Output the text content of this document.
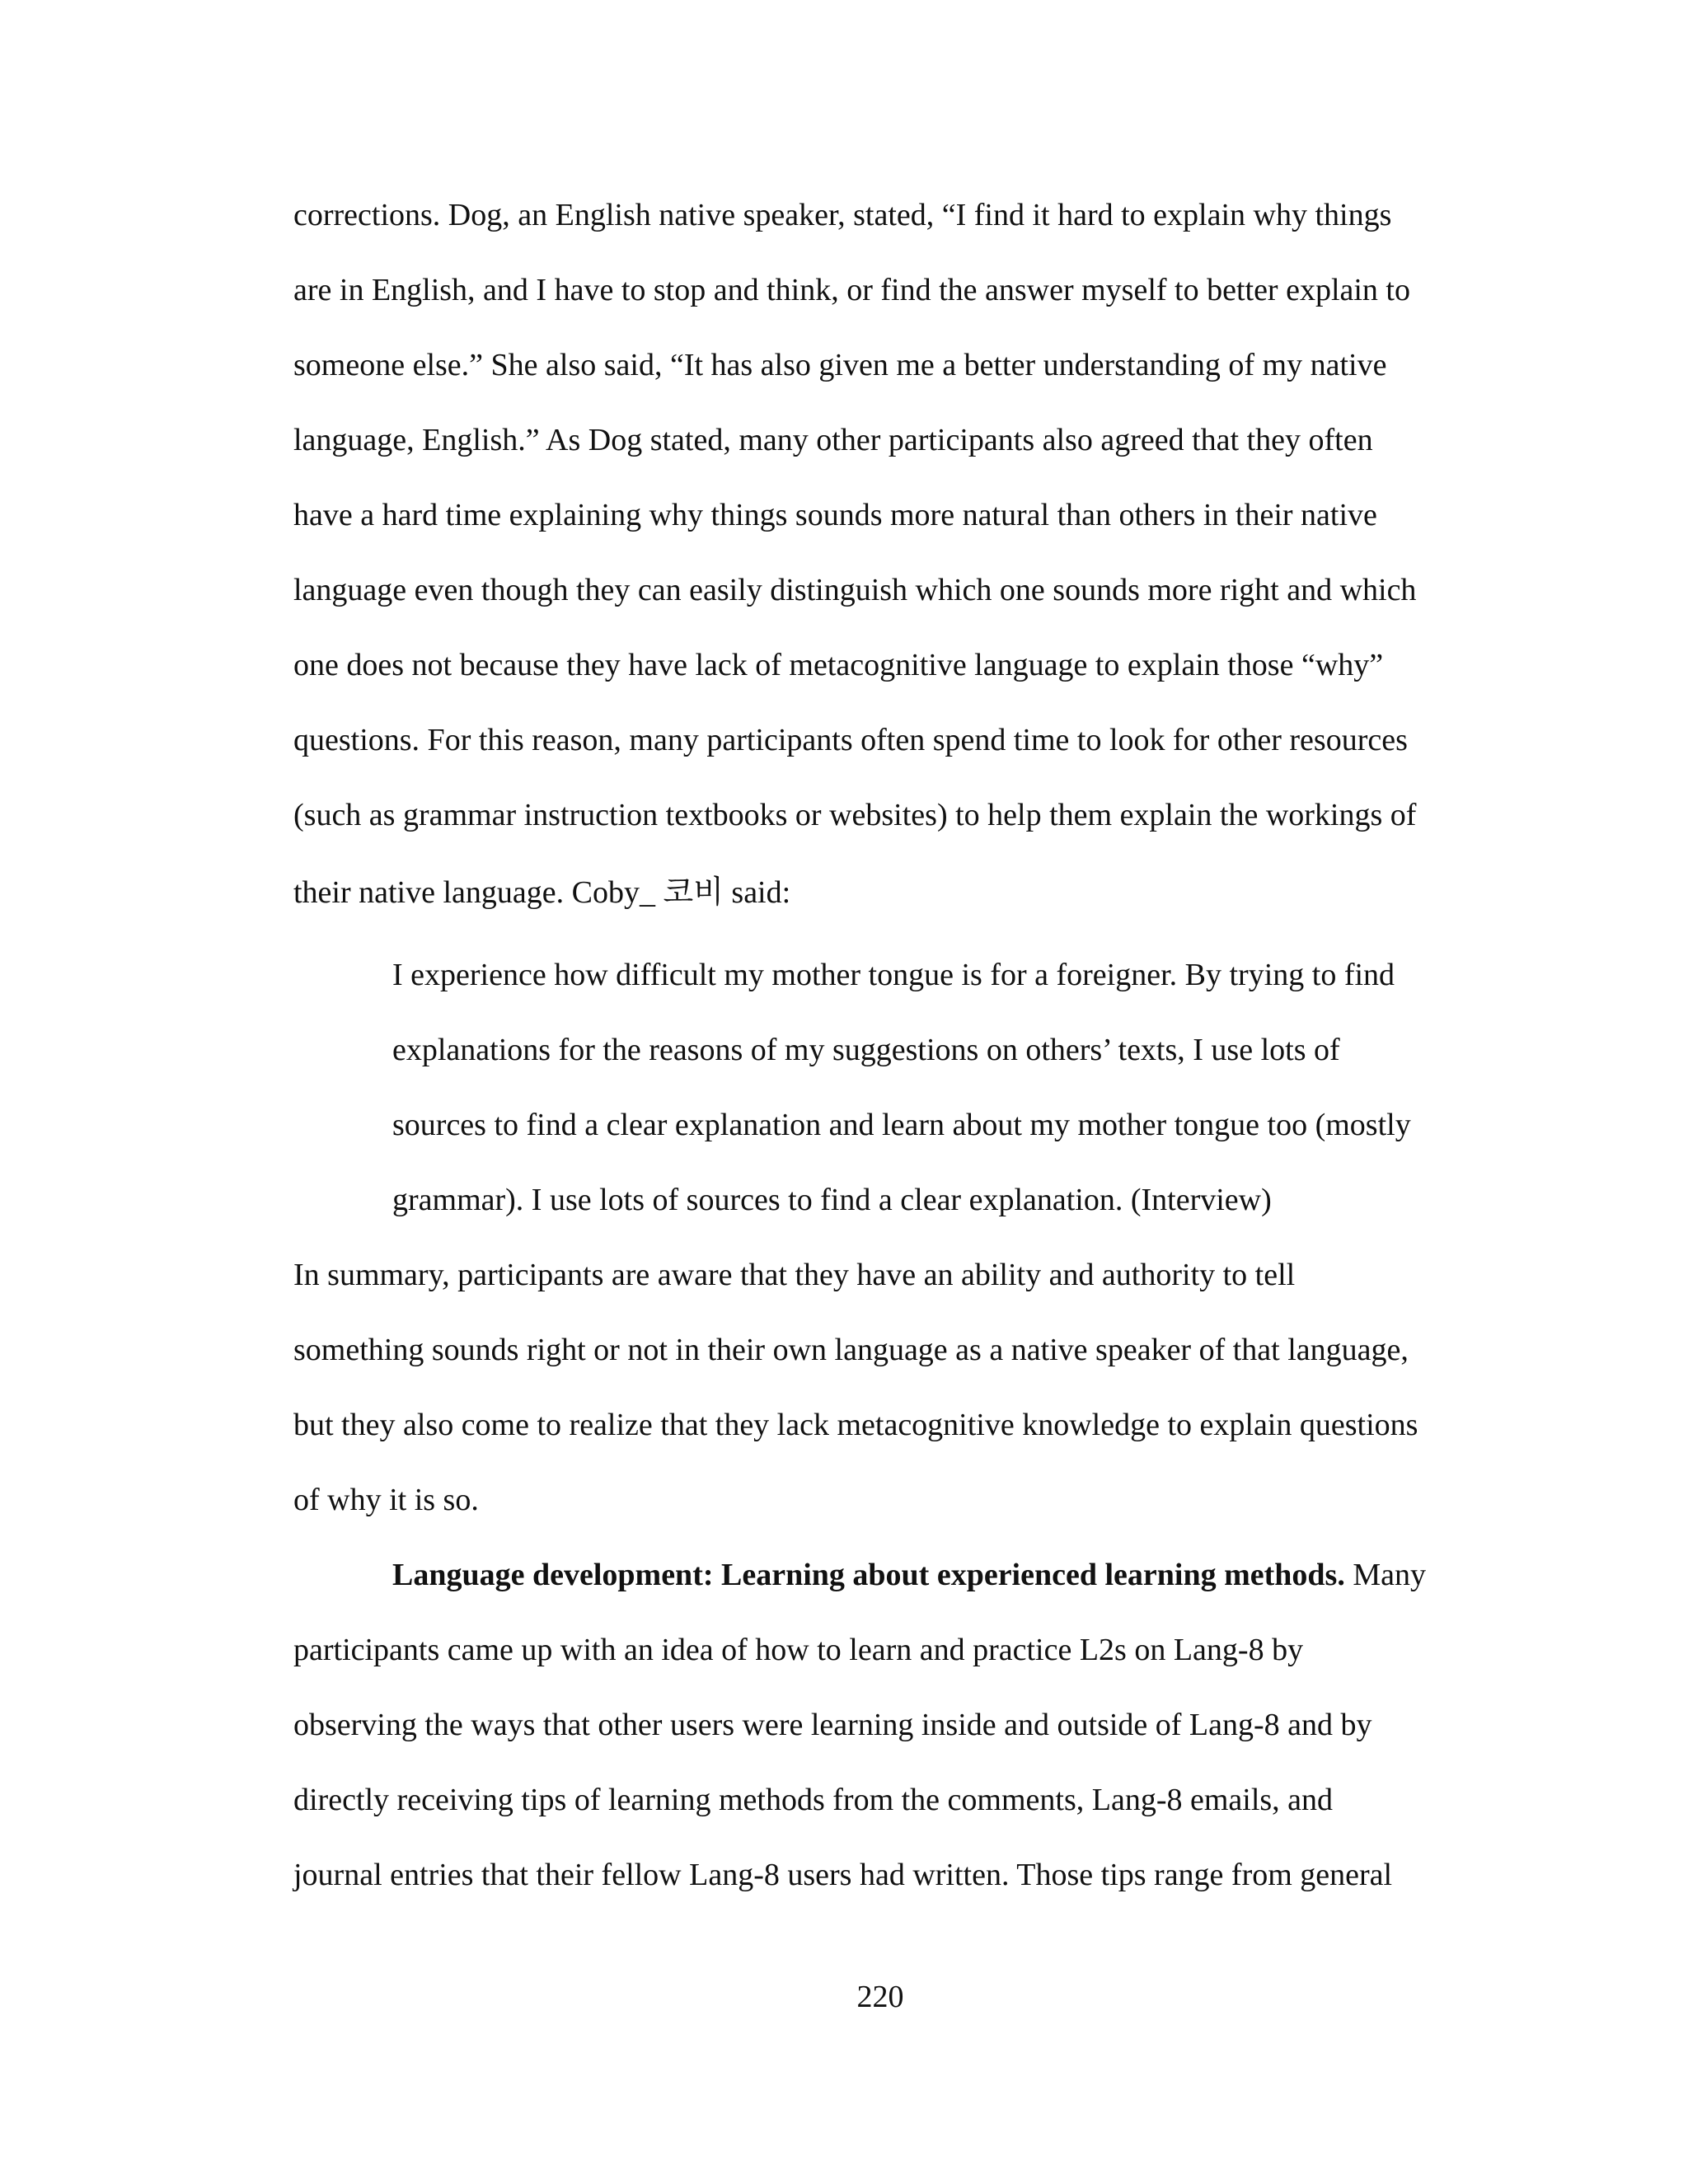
corrections. Dog, an English native speaker, stated, “I find it hard to explain why things

are in English, and I have to stop and think, or find the answer myself to better explain to

someone else.” She also said, “It has also given me a better understanding of my native

language, English.” As Dog stated, many other participants also agreed that they often

have a hard time explaining why things sounds more natural than others in their native

language even though they can easily distinguish which one sounds more right and which

one does not because they have lack of metacognitive language to explain those “why”

questions. For this reason, many participants often spend time to look for other resources

(such as grammar instruction textbooks or websites) to help them explain the workings of

their native language. Coby_ 코비 said:

I experience how difficult my mother tongue is for a foreigner. By trying to find

explanations for the reasons of my suggestions on others’ texts, I use lots of

sources to find a clear explanation and learn about my mother tongue too (mostly

grammar). I use lots of sources to find a clear explanation. (Interview)

In summary, participants are aware that they have an ability and authority to tell

something sounds right or not in their own language as a native speaker of that language,

but they also come to realize that they lack metacognitive knowledge to explain questions

of why it is so.

Language development: Learning about experienced learning methods. Many

participants came up with an idea of how to learn and practice L2s on Lang-8 by

observing the ways that other users were learning inside and outside of Lang-8 and by

directly receiving tips of learning methods from the comments, Lang-8 emails, and

journal entries that their fellow Lang-8 users had written. Those tips range from general

220
